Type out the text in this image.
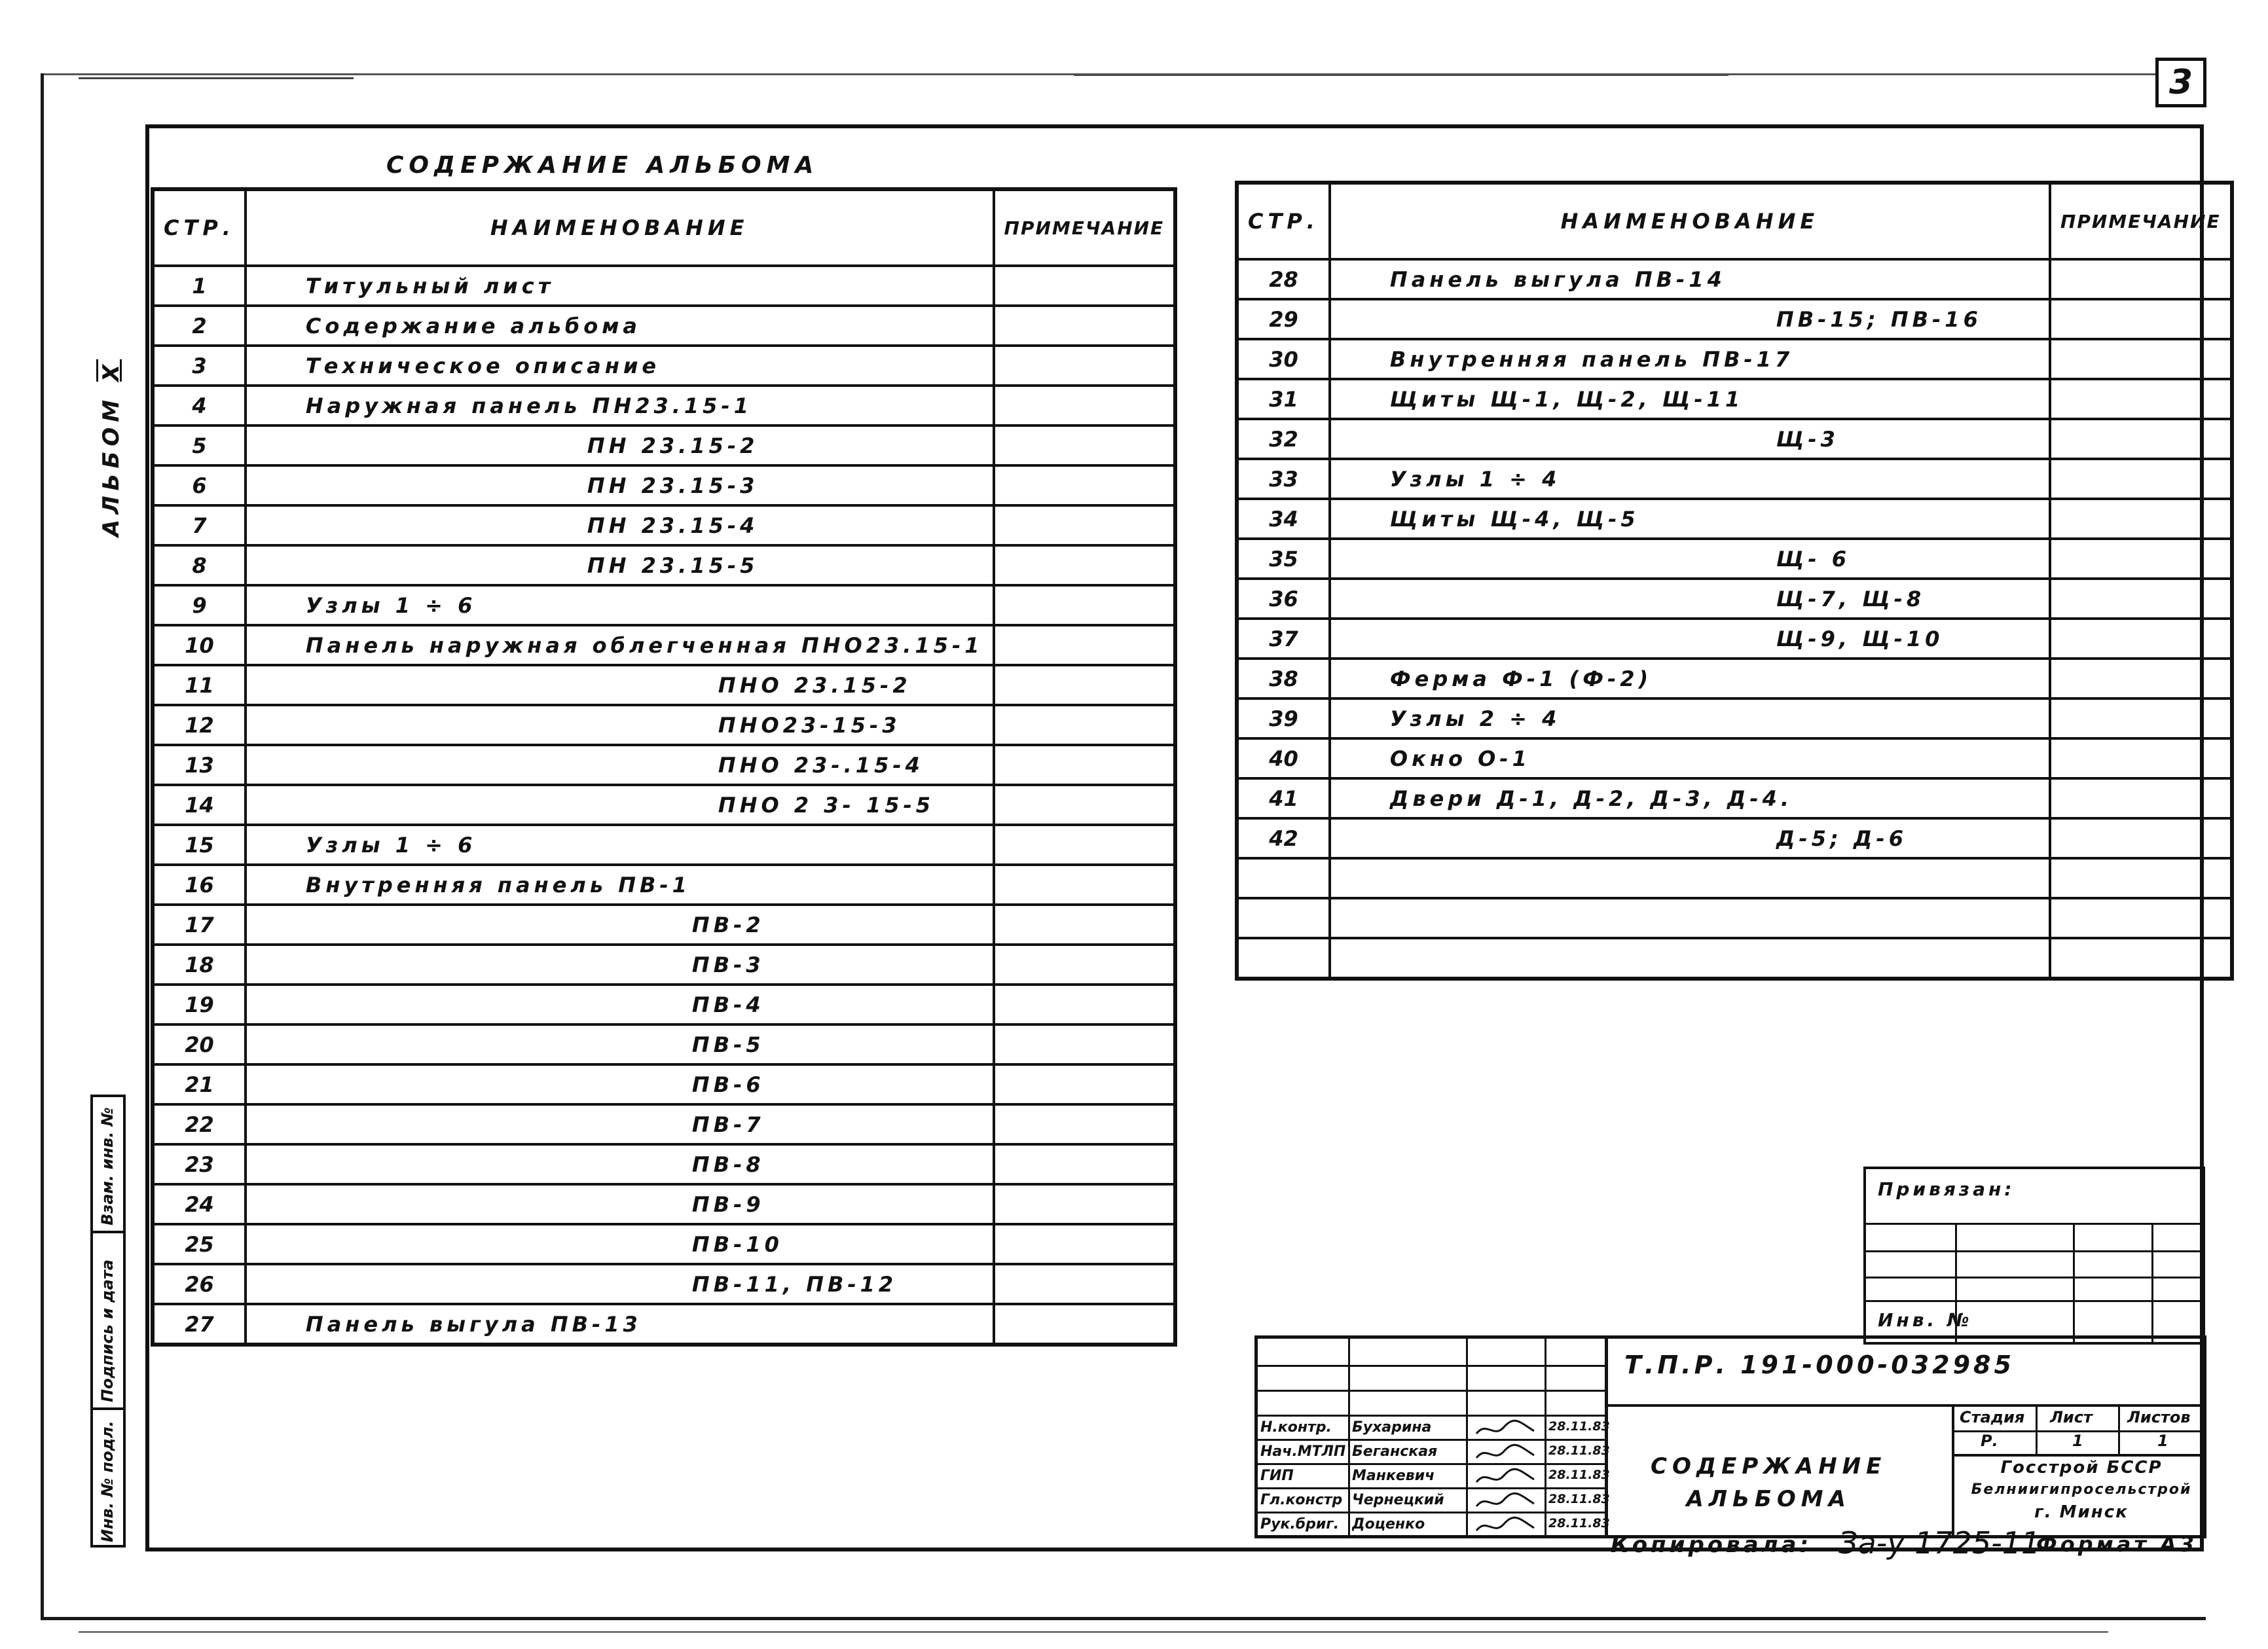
3
АЛЬБОМ X
СОДЕРЖАНИЕ АЛЬБОМА
СТР.	НАИМЕНОВАНИЕ	ПРИМЕЧАНИЕ
1	Титульный лист	
2	Содержание альбома	
3	Техническое описание	
4	Наружная панель ПН23.15-1	
5	ПН 23.15-2	
6	ПН 23.15-3	
7	ПН 23.15-4	
8	ПН 23.15-5	
9	Узлы 1 ÷ 6	
10	Панель наружная облегченная ПНО23.15-1	
11	ПНО 23.15-2	
12	ПНО23-15-3	
13	ПНО 23-.15-4	
14	ПНО 2 3- 15-5	
15	Узлы 1 ÷ 6	
16	Внутренняя панель ПВ-1	
17	ПВ-2	
18	ПВ-3	
19	ПВ-4	
20	ПВ-5	
21	ПВ-6	
22	ПВ-7	
23	ПВ-8	
24	ПВ-9	
25	ПВ-10	
26	ПВ-11, ПВ-12	
27	Панель выгула ПВ-13	
СТР.	НАИМЕНОВАНИЕ	ПРИМЕЧАНИЕ
28	Панель выгула ПВ-14	
29	ПВ-15; ПВ-16	
30	Внутренняя панель ПВ-17	
31	Щиты Щ-1, Щ-2, Щ-11	
32	Щ-3	
33	Узлы 1 ÷ 4	
34	Щиты Щ-4, Щ-5	
35	Щ- 6	
36	Щ-7, Щ-8	
37	Щ-9, Щ-10	
38	Ферма Ф-1 (Ф-2)	
39	Узлы 2 ÷ 4	
40	Окно О-1	
41	Двери Д-1, Д-2, Д-3, Д-4.	
42	Д-5; Д-6	

Взам. инв. №
Подпись и дата
Инв. № подл.
Привязан:
Инв. №
Н.контр. Бухарина	28.11.83
Нач.МТЛП Беганская	28.11.83
ГИП	Манкевич	28.11.83
Гл.констр Чернецкий	28.11.83
Рук.бриг. Доценко	28.11.83
Т.П.Р. 191-000-032985
СОДЕРЖАНИЕ
АЛЬБОМА
Стадия Лист Листов
Р.	1	1
Госстрой БССР
Белниигипросельстрой
г. Минск
Копировала: За-у 1725-11
Формат А3
